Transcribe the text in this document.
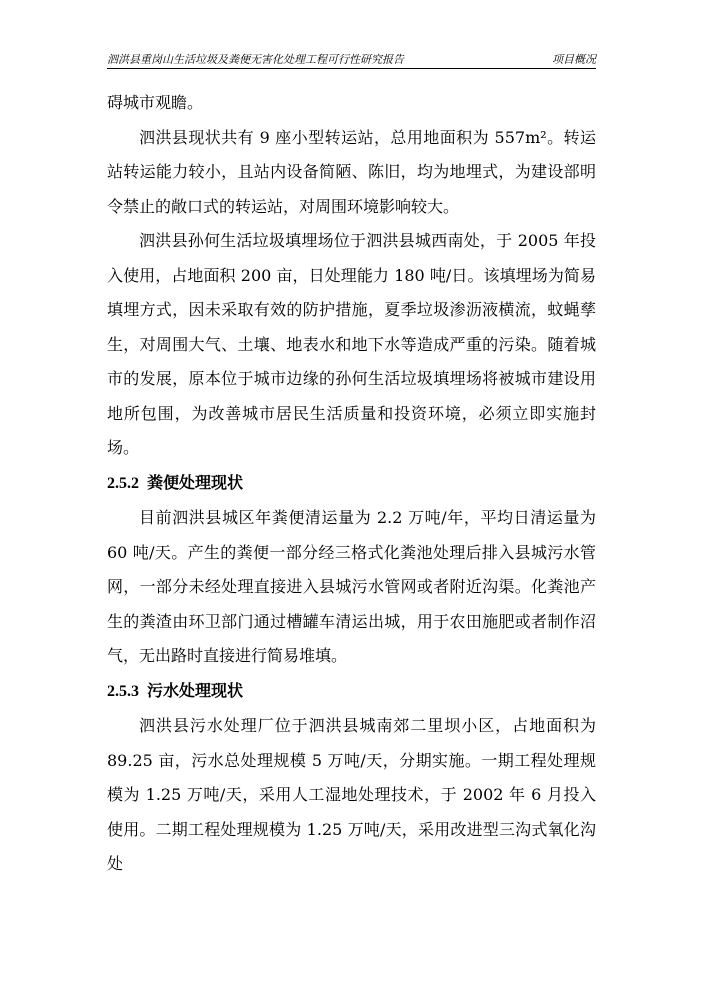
泗洪县重岗山生活垃圾及粪便无害化处理工程可行性研究报告	项目概况

碍城市观瞻。

泗洪县现状共有 9 座小型转运站，总用地面积为 557m²。转运站转运能力较小，且站内设备简陋、陈旧，均为地埋式，为建设部明令禁止的敞口式的转运站，对周围环境影响较大。

泗洪县孙何生活垃圾填埋场位于泗洪县城西南处，于 2005 年投入使用，占地面积 200 亩，日处理能力 180 吨/日。该填埋场为简易填埋方式，因未采取有效的防护措施，夏季垃圾渗沥液横流，蚊蝇孳生，对周围大气、土壤、地表水和地下水等造成严重的污染。随着城市的发展，原本位于城市边缘的孙何生活垃圾填埋场将被城市建设用地所包围，为改善城市居民生活质量和投资环境，必须立即实施封场。

2.5.2 粪便处理现状

目前泗洪县城区年粪便清运量为 2.2 万吨/年，平均日清运量为 60 吨/天。产生的粪便一部分经三格式化粪池处理后排入县城污水管网，一部分未经处理直接进入县城污水管网或者附近沟渠。化粪池产生的粪渣由环卫部门通过槽罐车清运出城，用于农田施肥或者制作沼气，无出路时直接进行简易堆填。

2.5.3 污水处理现状

泗洪县污水处理厂位于泗洪县城南郊二里坝小区，占地面积为 89.25 亩，污水总处理规模 5 万吨/天，分期实施。一期工程处理规模为 1.25 万吨/天，采用人工湿地处理技术，于 2002 年 6 月投入使用。二期工程处理规模为 1.25 万吨/天，采用改进型三沟式氧化沟处
